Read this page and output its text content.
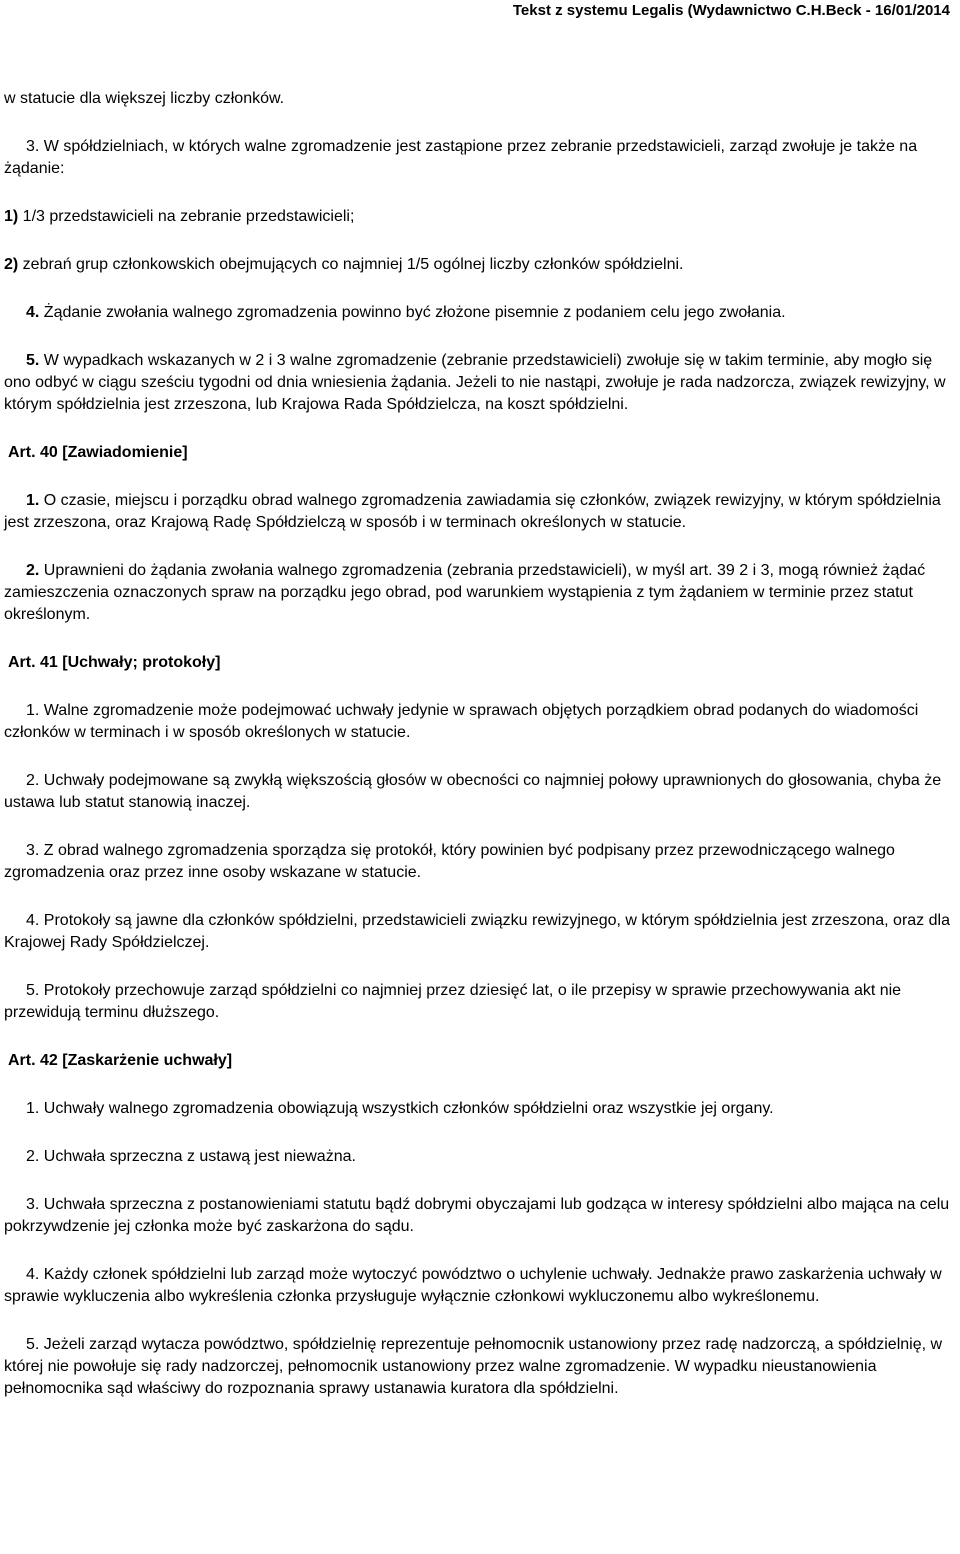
Tekst z systemu Legalis (Wydawnictwo C.H.Beck - 16/01/2014

w statucie dla większej liczby członków.

3. W spółdzielniach, w których walne zgromadzenie jest zastąpione przez zebranie przedstawicieli, zarząd zwołuje je także na żądanie:

1) 1/3 przedstawicieli na zebranie przedstawicieli;

2) zebrań grup członkowskich obejmujących co najmniej 1/5 ogólnej liczby członków spółdzielni.

4. Żądanie zwołania walnego zgromadzenia powinno być złożone pisemnie z podaniem celu jego zwołania.

5. W wypadkach wskazanych w 2 i 3 walne zgromadzenie (zebranie przedstawicieli) zwołuje się w takim terminie, aby mogło się ono odbyć w ciągu sześciu tygodni od dnia wniesienia żądania. Jeżeli to nie nastąpi, zwołuje je rada nadzorcza, związek rewizyjny, w którym spółdzielnia jest zrzeszona, lub Krajowa Rada Spółdzielcza, na koszt spółdzielni.

Art. 40 [Zawiadomienie]

1. O czasie, miejscu i porządku obrad walnego zgromadzenia zawiadamia się członków, związek rewizyjny, w którym spółdzielnia jest zrzeszona, oraz Krajową Radę Spółdzielczą w sposób i w terminach określonych w statucie.

2. Uprawnieni do żądania zwołania walnego zgromadzenia (zebrania przedstawicieli), w myśl art. 39 2 i 3, mogą również żądać zamieszczenia oznaczonych spraw na porządku jego obrad, pod warunkiem wystąpienia z tym żądaniem w terminie przez statut określonym.

Art. 41 [Uchwały; protokoły]

1. Walne zgromadzenie może podejmować uchwały jedynie w sprawach objętych porządkiem obrad podanych do wiadomości członków w terminach i w sposób określonych w statucie.

2. Uchwały podejmowane są zwykłą większością głosów w obecności co najmniej połowy uprawnionych do głosowania, chyba że ustawa lub statut stanowią inaczej.

3. Z obrad walnego zgromadzenia sporządza się protokół, który powinien być podpisany przez przewodniczącego walnego zgromadzenia oraz przez inne osoby wskazane w statucie.

4. Protokoły są jawne dla członków spółdzielni, przedstawicieli związku rewizyjnego, w którym spółdzielnia jest zrzeszona, oraz dla Krajowej Rady Spółdzielczej.

5. Protokoły przechowuje zarząd spółdzielni co najmniej przez dziesięć lat, o ile przepisy w sprawie przechowywania akt nie przewidują terminu dłuższego.

Art. 42 [Zaskarżenie uchwały]

1. Uchwały walnego zgromadzenia obowiązują wszystkich członków spółdzielni oraz wszystkie jej organy.

2. Uchwała sprzeczna z ustawą jest nieważna.

3. Uchwała sprzeczna z postanowieniami statutu bądź dobrymi obyczajami lub godząca w interesy spółdzielni albo mająca na celu pokrzywdzenie jej członka może być zaskarżona do sądu.

4. Każdy członek spółdzielni lub zarząd może wytoczyć powództwo o uchylenie uchwały. Jednakże prawo zaskarżenia uchwały w sprawie wykluczenia albo wykreślenia członka przysługuje wyłącznie członkowi wykluczonemu albo wykreślonemu.

5. Jeżeli zarząd wytacza powództwo, spółdzielnię reprezentuje pełnomocnik ustanowiony przez radę nadzorczą, a spółdzielnię, w której nie powołuje się rady nadzorczej, pełnomocnik ustanowiony przez walne zgromadzenie. W wypadku nieustanowienia pełnomocnika sąd właściwy do rozpoznania sprawy ustanawia kuratora dla spółdzielni.
